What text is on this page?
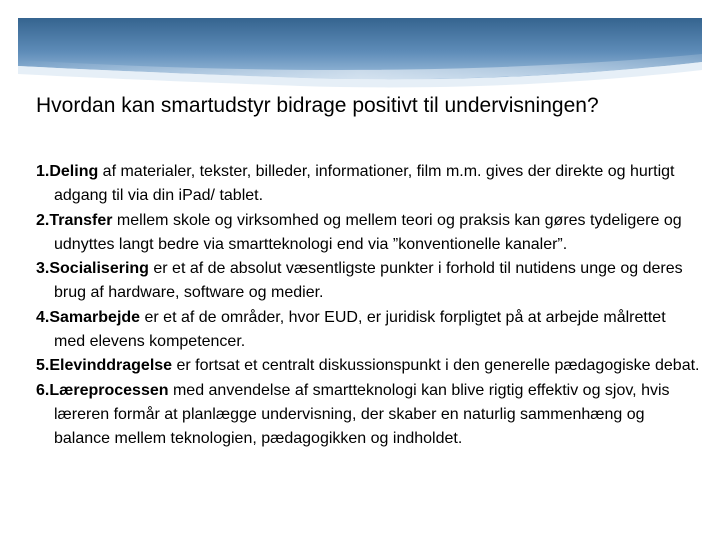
Hvordan kan smartudstyr bidrage positivt til undervisningen?
1.Deling af materialer, tekster, billeder, informationer, film m.m. gives der direkte og hurtigt adgang til via din iPad/ tablet.
2.Transfer mellem skole og virksomhed og mellem teori og praksis kan gøres tydeligere og udnyttes langt bedre via smartteknologi end via ”konventionelle kanaler”.
3.Socialisering er et af de absolut væsentligste punkter i forhold til nutidens unge og deres brug af hardware, software og medier.
4.Samarbejde er et af de områder, hvor EUD, er juridisk forpligtet på at arbejde målrettet med elevens kompetencer.
5.Elevinddragelse er fortsat et centralt diskussionspunkt i den generelle pædagogiske debat.
6.Læreprocessen med anvendelse af smartteknologi kan blive rigtig effektiv og sjov, hvis læreren formår at planlægge undervisning, der skaber en naturlig sammenhæng og balance mellem teknologien, pædagogikken og indholdet.
